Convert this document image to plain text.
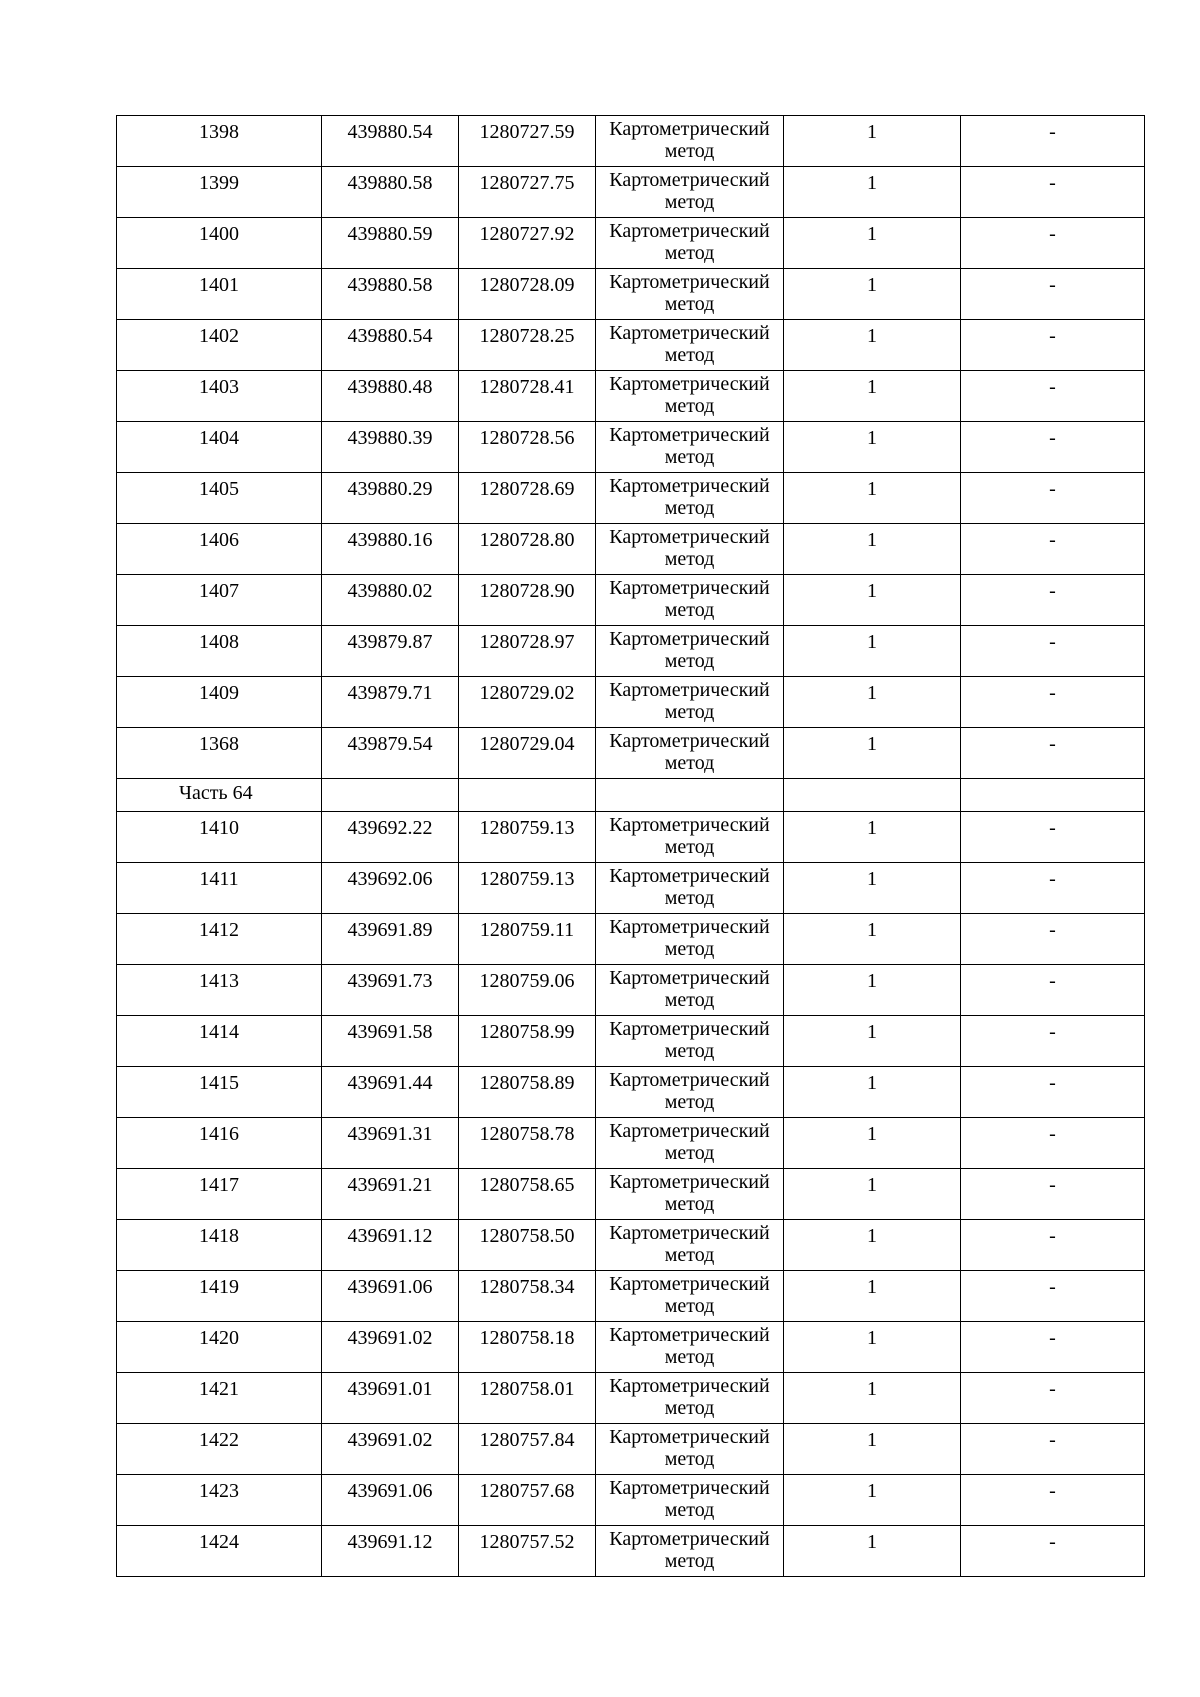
1398	439880.54	1280727.59	Картометрический метод	1	-

1399	439880.58	1280727.75	Картометрический метод	1	-

1400	439880.59	1280727.92	Картометрический метод	1	-

1401	439880.58	1280728.09	Картометрический метод	1	-

1402	439880.54	1280728.25	Картометрический метод	1	-

1403	439880.48	1280728.41	Картометрический метод	1	-

1404	439880.39	1280728.56	Картометрический метод	1	-

1405	439880.29	1280728.69	Картометрический метод	1	-

1406	439880.16	1280728.80	Картометрический метод	1	-

1407	439880.02	1280728.90	Картометрический метод	1	-

1408	439879.87	1280728.97	Картометрический метод	1	-

1409	439879.71	1280729.02	Картометрический метод	1	-

1368	439879.54	1280729.04	Картометрический метод	1	-

Часть 64					

1410	439692.22	1280759.13	Картометрический метод	1	-

1411	439692.06	1280759.13	Картометрический метод	1	-

1412	439691.89	1280759.11	Картометрический метод	1	-

1413	439691.73	1280759.06	Картометрический метод	1	-

1414	439691.58	1280758.99	Картометрический метод	1	-

1415	439691.44	1280758.89	Картометрический метод	1	-

1416	439691.31	1280758.78	Картометрический метод	1	-

1417	439691.21	1280758.65	Картометрический метод	1	-

1418	439691.12	1280758.50	Картометрический метод	1	-

1419	439691.06	1280758.34	Картометрический метод	1	-

1420	439691.02	1280758.18	Картометрический метод	1	-

1421	439691.01	1280758.01	Картометрический метод	1	-

1422	439691.02	1280757.84	Картометрический метод	1	-

1423	439691.06	1280757.68	Картометрический метод	1	-

1424	439691.12	1280757.52	Картометрический метод	1	-
